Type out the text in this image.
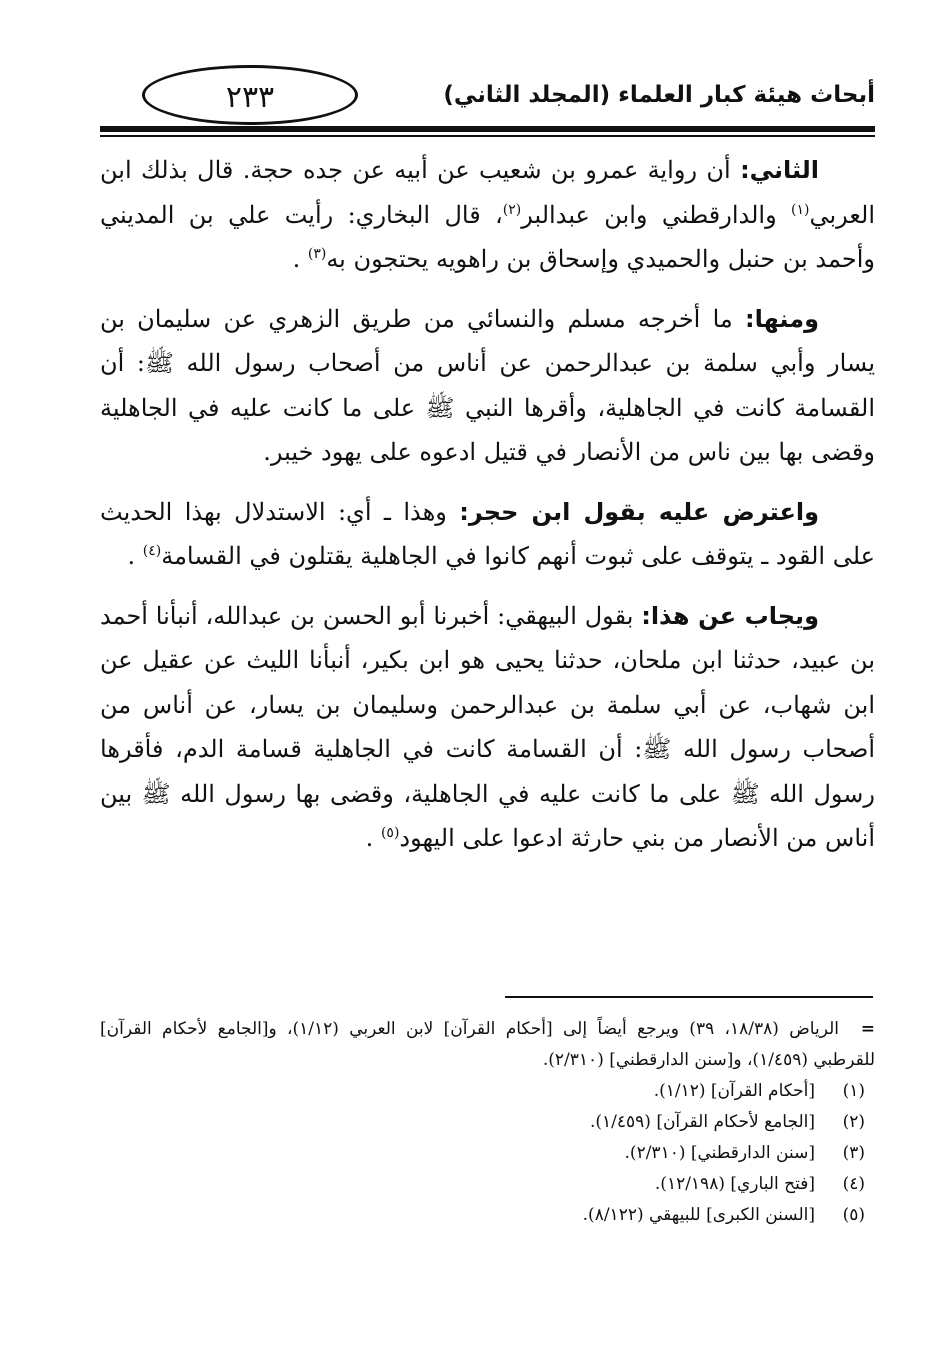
أبحاث هيئة كبار العلماء (المجلد الثاني)
٢٣٣

الثاني: أن رواية عمرو بن شعيب عن أبيه عن جده حجة. قال بذلك ابن العربي$^{(١)}$ والدارقطني وابن عبدالبر$^{(٢)}$، قال البخاري: رأيت علي بن المديني وأحمد بن حنبل والحميدي وإسحاق بن راهويه يحتجون به$^{(٣)}$ .

ومنها: ما أخرجه مسلم والنسائي من طريق الزهري عن سليمان بن يسار وأبي سلمة بن عبدالرحمن عن أناس من أصحاب رسول الله ﷺ: أن القسامة كانت في الجاهلية، وأقرها النبي ﷺ على ما كانت عليه في الجاهلية وقضى بها بين ناس من الأنصار في قتيل ادعوه على يهود خيبر.

واعترض عليه بقول ابن حجر: وهذا ـ أي: الاستدلال بهذا الحديث على القود ـ يتوقف على ثبوت أنهم كانوا في الجاهلية يقتلون في القسامة$^{(٤)}$ .

ويجاب عن هذا: بقول البيهقي: أخبرنا أبو الحسن بن عبدالله، أنبأنا أحمد بن عبيد، حدثنا ابن ملحان، حدثنا يحيى هو ابن بكير، أنبأنا الليث عن عقيل عن ابن شهاب، عن أبي سلمة بن عبدالرحمن وسليمان بن يسار، عن أناس من أصحاب رسول الله ﷺ: أن القسامة كانت في الجاهلية قسامة الدم، فأقرها رسول الله ﷺ على ما كانت عليه في الجاهلية، وقضى بها رسول الله ﷺ بين أناس من الأنصار من بني حارثة ادعوا على اليهود$^{(٥)}$ .

=الرياض (١٨/٣٨، ٣٩) ويرجع أيضاً إلى [أحكام القرآن] لابن العربي (١/١٢)، و[الجامع لأحكام القرآن] للقرطبي (١/٤٥٩)، و[سنن الدارقطني] (٢/٣١٠).

(١)[أحكام القرآن] (١/١٢).

(٢)[الجامع لأحكام القرآن] (١/٤٥٩).

(٣)[سنن الدارقطني] (٢/٣١٠).

(٤)[فتح الباري] (١٢/١٩٨).

(٥)[السنن الكبرى] للبيهقي (٨/١٢٢).
